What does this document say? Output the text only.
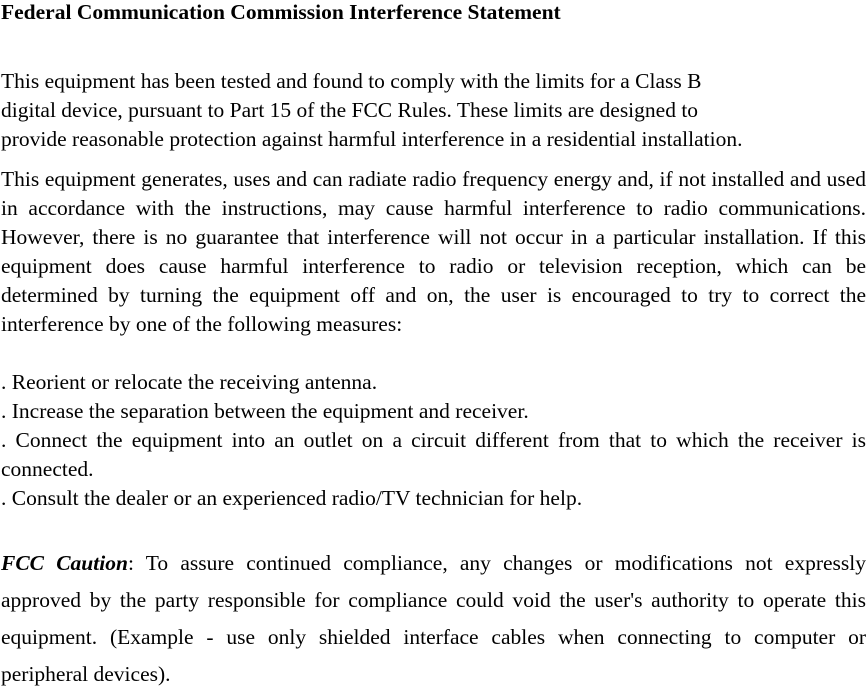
Federal Communication Commission Interference Statement
This equipment has been tested and found to comply with the limits for a Class B
digital device, pursuant to Part 15 of the FCC Rules. These limits are designed to
provide reasonable protection against harmful interference in a residential installation.
This equipment generates, uses and can radiate radio frequency energy and, if not installed and used in accordance with the instructions, may cause harmful interference to radio communications. However, there is no guarantee that interference will not occur in a particular installation. If this equipment does cause harmful interference to radio or television reception, which can be determined by turning the equipment off and on, the user is encouraged to try to correct the interference by one of the following measures:
. Reorient or relocate the receiving antenna.
. Increase the separation between the equipment and receiver.
. Connect the equipment into an outlet on a circuit different from that to which the receiver is connected.
. Consult the dealer or an experienced radio/TV technician for help.
FCC Caution: To assure continued compliance, any changes or modifications not expressly approved by the party responsible for compliance could void the user's authority to operate this equipment. (Example - use only shielded interface cables when connecting to computer or peripheral devices).
